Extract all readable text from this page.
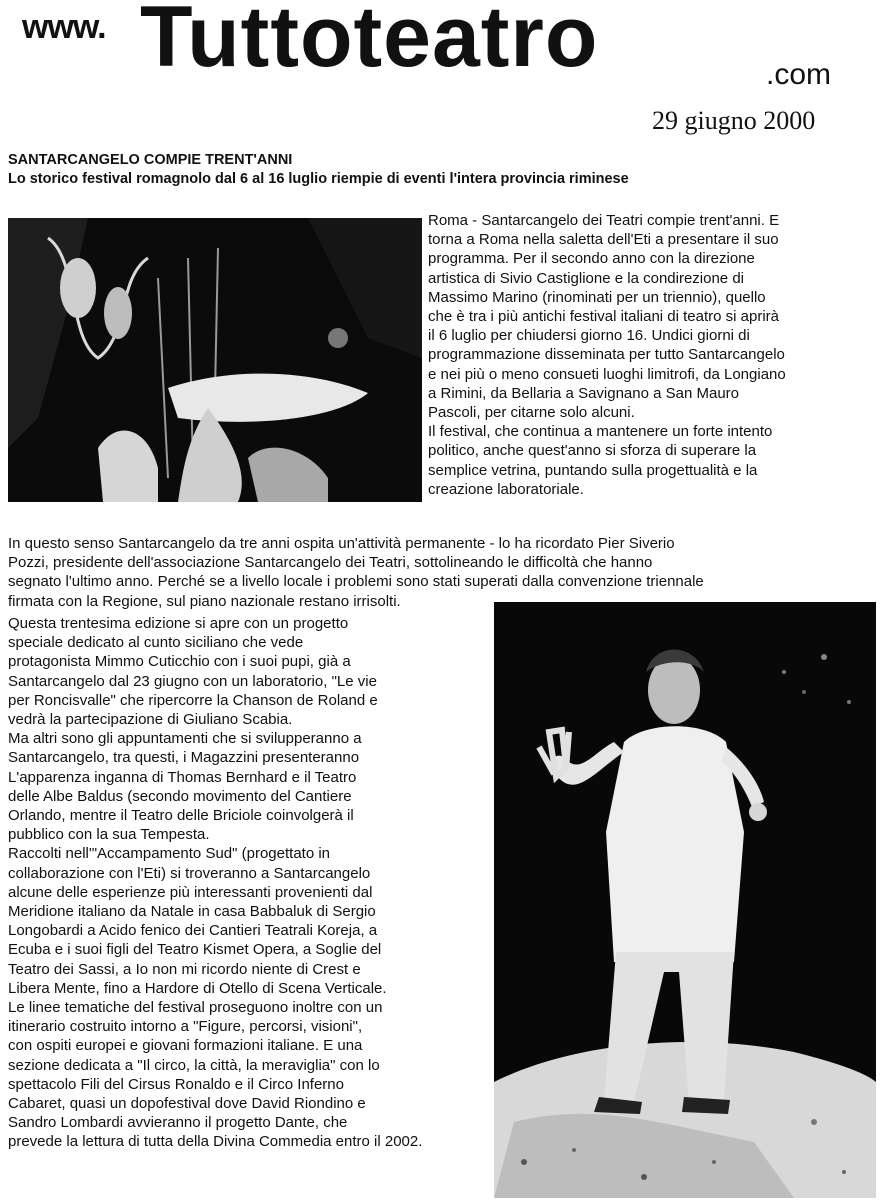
www. Tuttoteatro	.com
29 giugno 2000
SANTARCANGELO COMPIE TRENT'ANNI
Lo storico festival romagnolo dal 6 al 16 luglio riempie di eventi l'intera provincia riminese
Roma - Santarcangelo dei Teatri compie trent'anni. E
torna a Roma nella saletta dell'Eti a presentare il suo
programma. Per il secondo anno con la direzione
artistica di Sivio Castiglione e la condirezione di
Massimo Marino (rinominati per un triennio), quello
che è tra i più antichi festival italiani di teatro si aprirà
il 6 luglio per chiudersi giorno 16. Undici giorni di
programmazione disseminata per tutto Santarcangelo
e nei più o meno consueti luoghi limitrofi, da Longiano
a Rimini, da Bellaria a Savignano a San Mauro
Pascoli, per citarne solo alcuni.
Il festival, che continua a mantenere un forte intento
politico, anche quest'anno si sforza di superare la
semplice vetrina, puntando sulla progettualità e la
creazione laboratoriale.
In questo senso Santarcangelo da tre anni ospita un'attività permanente - lo ha ricordato Pier Siverio
Pozzi, presidente dell'associazione Santarcangelo dei Teatri, sottolineando le difficoltà che hanno
segnato l'ultimo anno. Perché se a livello locale i problemi sono stati superati dalla convenzione triennale
firmata con la Regione, sul piano nazionale restano irrisolti.
Questa trentesima edizione si apre con un progetto
speciale dedicato al cunto siciliano che vede
protagonista Mimmo Cuticchio con i suoi pupi, già a
Santarcangelo dal 23 giugno con un laboratorio, "Le vie
per Roncisvalle" che ripercorre la Chanson de Roland e
vedrà la partecipazione di Giuliano Scabia.
Ma altri sono gli appuntamenti che si svilupperanno a
Santarcangelo, tra questi, i Magazzini presenteranno
L'apparenza inganna di Thomas Bernhard e il Teatro
delle Albe Baldus (secondo movimento del Cantiere
Orlando, mentre il Teatro delle Briciole coinvolgerà il
pubblico con la sua Tempesta.
Raccolti nell'"Accampamento Sud" (progettato in
collaborazione con l'Eti) si troveranno a Santarcangelo
alcune delle esperienze più interessanti provenienti dal
Meridione italiano da Natale in casa Babbaluk di Sergio
Longobardi a Acido fenico dei Cantieri Teatrali Koreja, a
Ecuba e i suoi figli del Teatro Kismet Opera, a Soglie del
Teatro dei Sassi, a Io non mi ricordo niente di Crest e
Libera Mente, fino a Hardore di Otello di Scena Verticale.
Le linee tematiche del festival proseguono inoltre con un
itinerario costruito intorno a "Figure, percorsi, visioni",
con ospiti europei e giovani formazioni italiane. E una
sezione dedicata a "Il circo, la città, la meraviglia" con lo
spettacolo Fili del Cirsus Ronaldo e il Circo Inferno
Cabaret, quasi un dopofestival dove David Riondino e
Sandro Lombardi avvieranno il progetto Dante, che
prevede la lettura di tutta della Divina Commedia entro il 2002.
